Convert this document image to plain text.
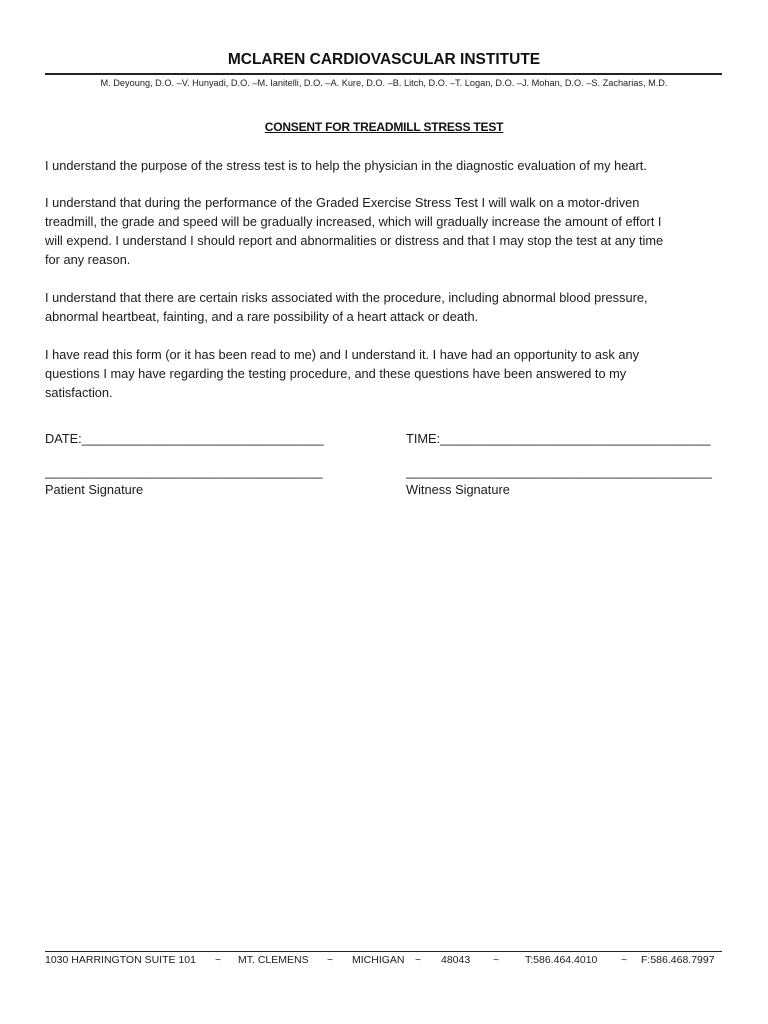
MCLAREN CARDIOVASCULAR INSTITUTE
M. Deyoung, D.O. –V. Hunyadi, D.O. –M. Ianitelli, D.O. –A. Kure, D.O. –B. Litch, D.O. –T. Logan, D.O. –J. Mohan, D.O. –S. Zacharias, M.D.
CONSENT FOR TREADMILL STRESS TEST
I understand the purpose of the stress test is to help the physician in the diagnostic evaluation of my heart.
I understand that during the performance of the Graded Exercise Stress Test I will walk on a motor-driven
treadmill, the grade and speed will be gradually increased, which will gradually increase the amount of effort I
will expend. I understand I should report and abnormalities or distress and that I may stop the test at any time
for any reason.
I understand that there are certain risks associated with the procedure, including abnormal blood pressure,
abnormal heartbeat, fainting, and a rare possibility of a heart attack or death.
I have read this form (or it has been read to me) and I understand it. I have had an opportunity to ask any
questions I may have regarding the testing procedure, and these questions have been answered to my
satisfaction.
DATE:__________________________________	TIME:______________________________________
_______________________________________	___________________________________________
Patient Signature	Witness Signature
1030 HARRINGTON SUITE 101 ~ MT. CLEMENS ~ MICHIGAN ~ 48043 ~ T:586.464.4010 ~ F:586.468.7997
